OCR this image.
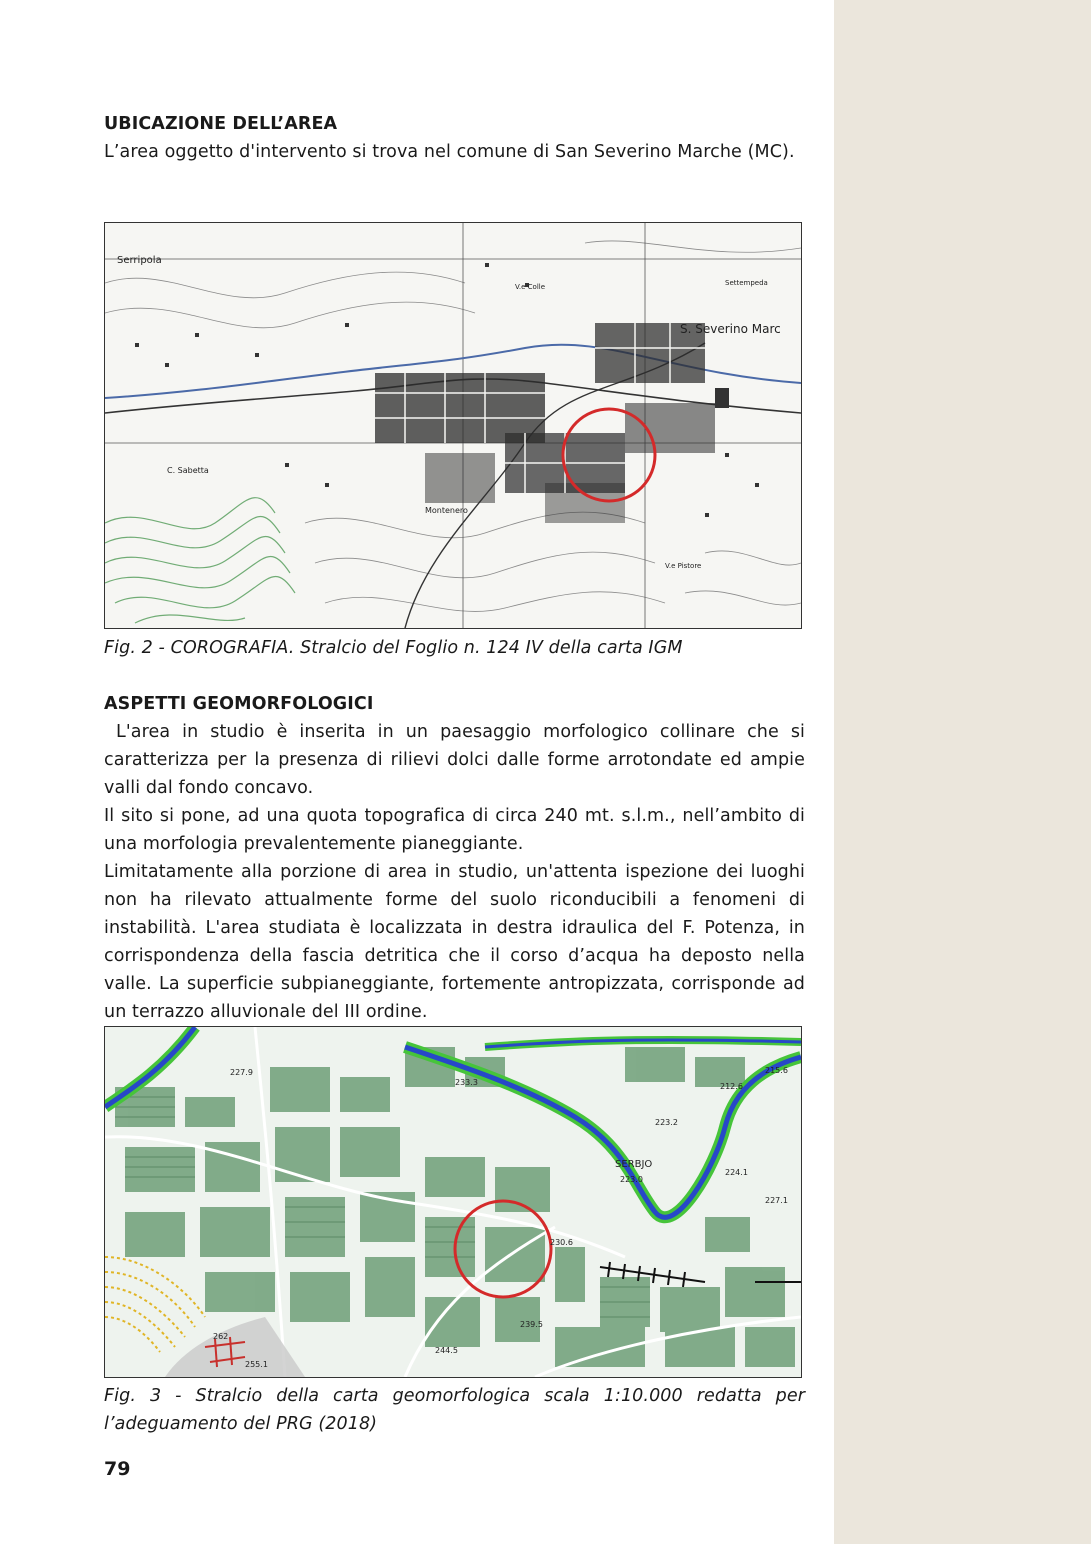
UBICAZIONE DELL’AREA
L’area oggetto d'intervento si trova nel comune di San Severino Marche (MC).
Serripola
S. Severino Marc
Settempeda
V.e Colle
C. Sabetta
Montenero
V.e Pistore
Fig. 2 - COROGRAFIA. Stralcio del Foglio n. 124 IV della carta IGM
ASPETTI GEOMORFOLOGICI
L'area in studio è inserita in un paesaggio morfologico collinare che si caratterizza per la presenza di rilievi dolci dalle forme arrotondate ed ampie valli dal fondo concavo.
Il sito si pone, ad una quota topografica di circa 240 mt. s.l.m., nell’ambito di una morfologia prevalentemente pianeggiante.
Limitatamente alla porzione di area in studio, un'attenta ispezione dei luoghi non ha rilevato attualmente forme del suolo riconducibili a fenomeni di instabilità. L'area studiata è localizzata in destra idraulica del F. Potenza, in corrispondenza della fascia detritica che il corso d’acqua ha deposto nella valle. La superficie subpianeggiante, fortemente antropizzata, corrisponde ad un terrazzo alluvionale del III ordine.
227.9
233.3
215.6
212.6
223.2
SERBJO
223.0
224.1
227.1
230.6
239.5
244.5
262
255.1
Fig. 3 - Stralcio della carta geomorfologica scala 1:10.000 redatta per l’adeguamento del PRG (2018)
79
